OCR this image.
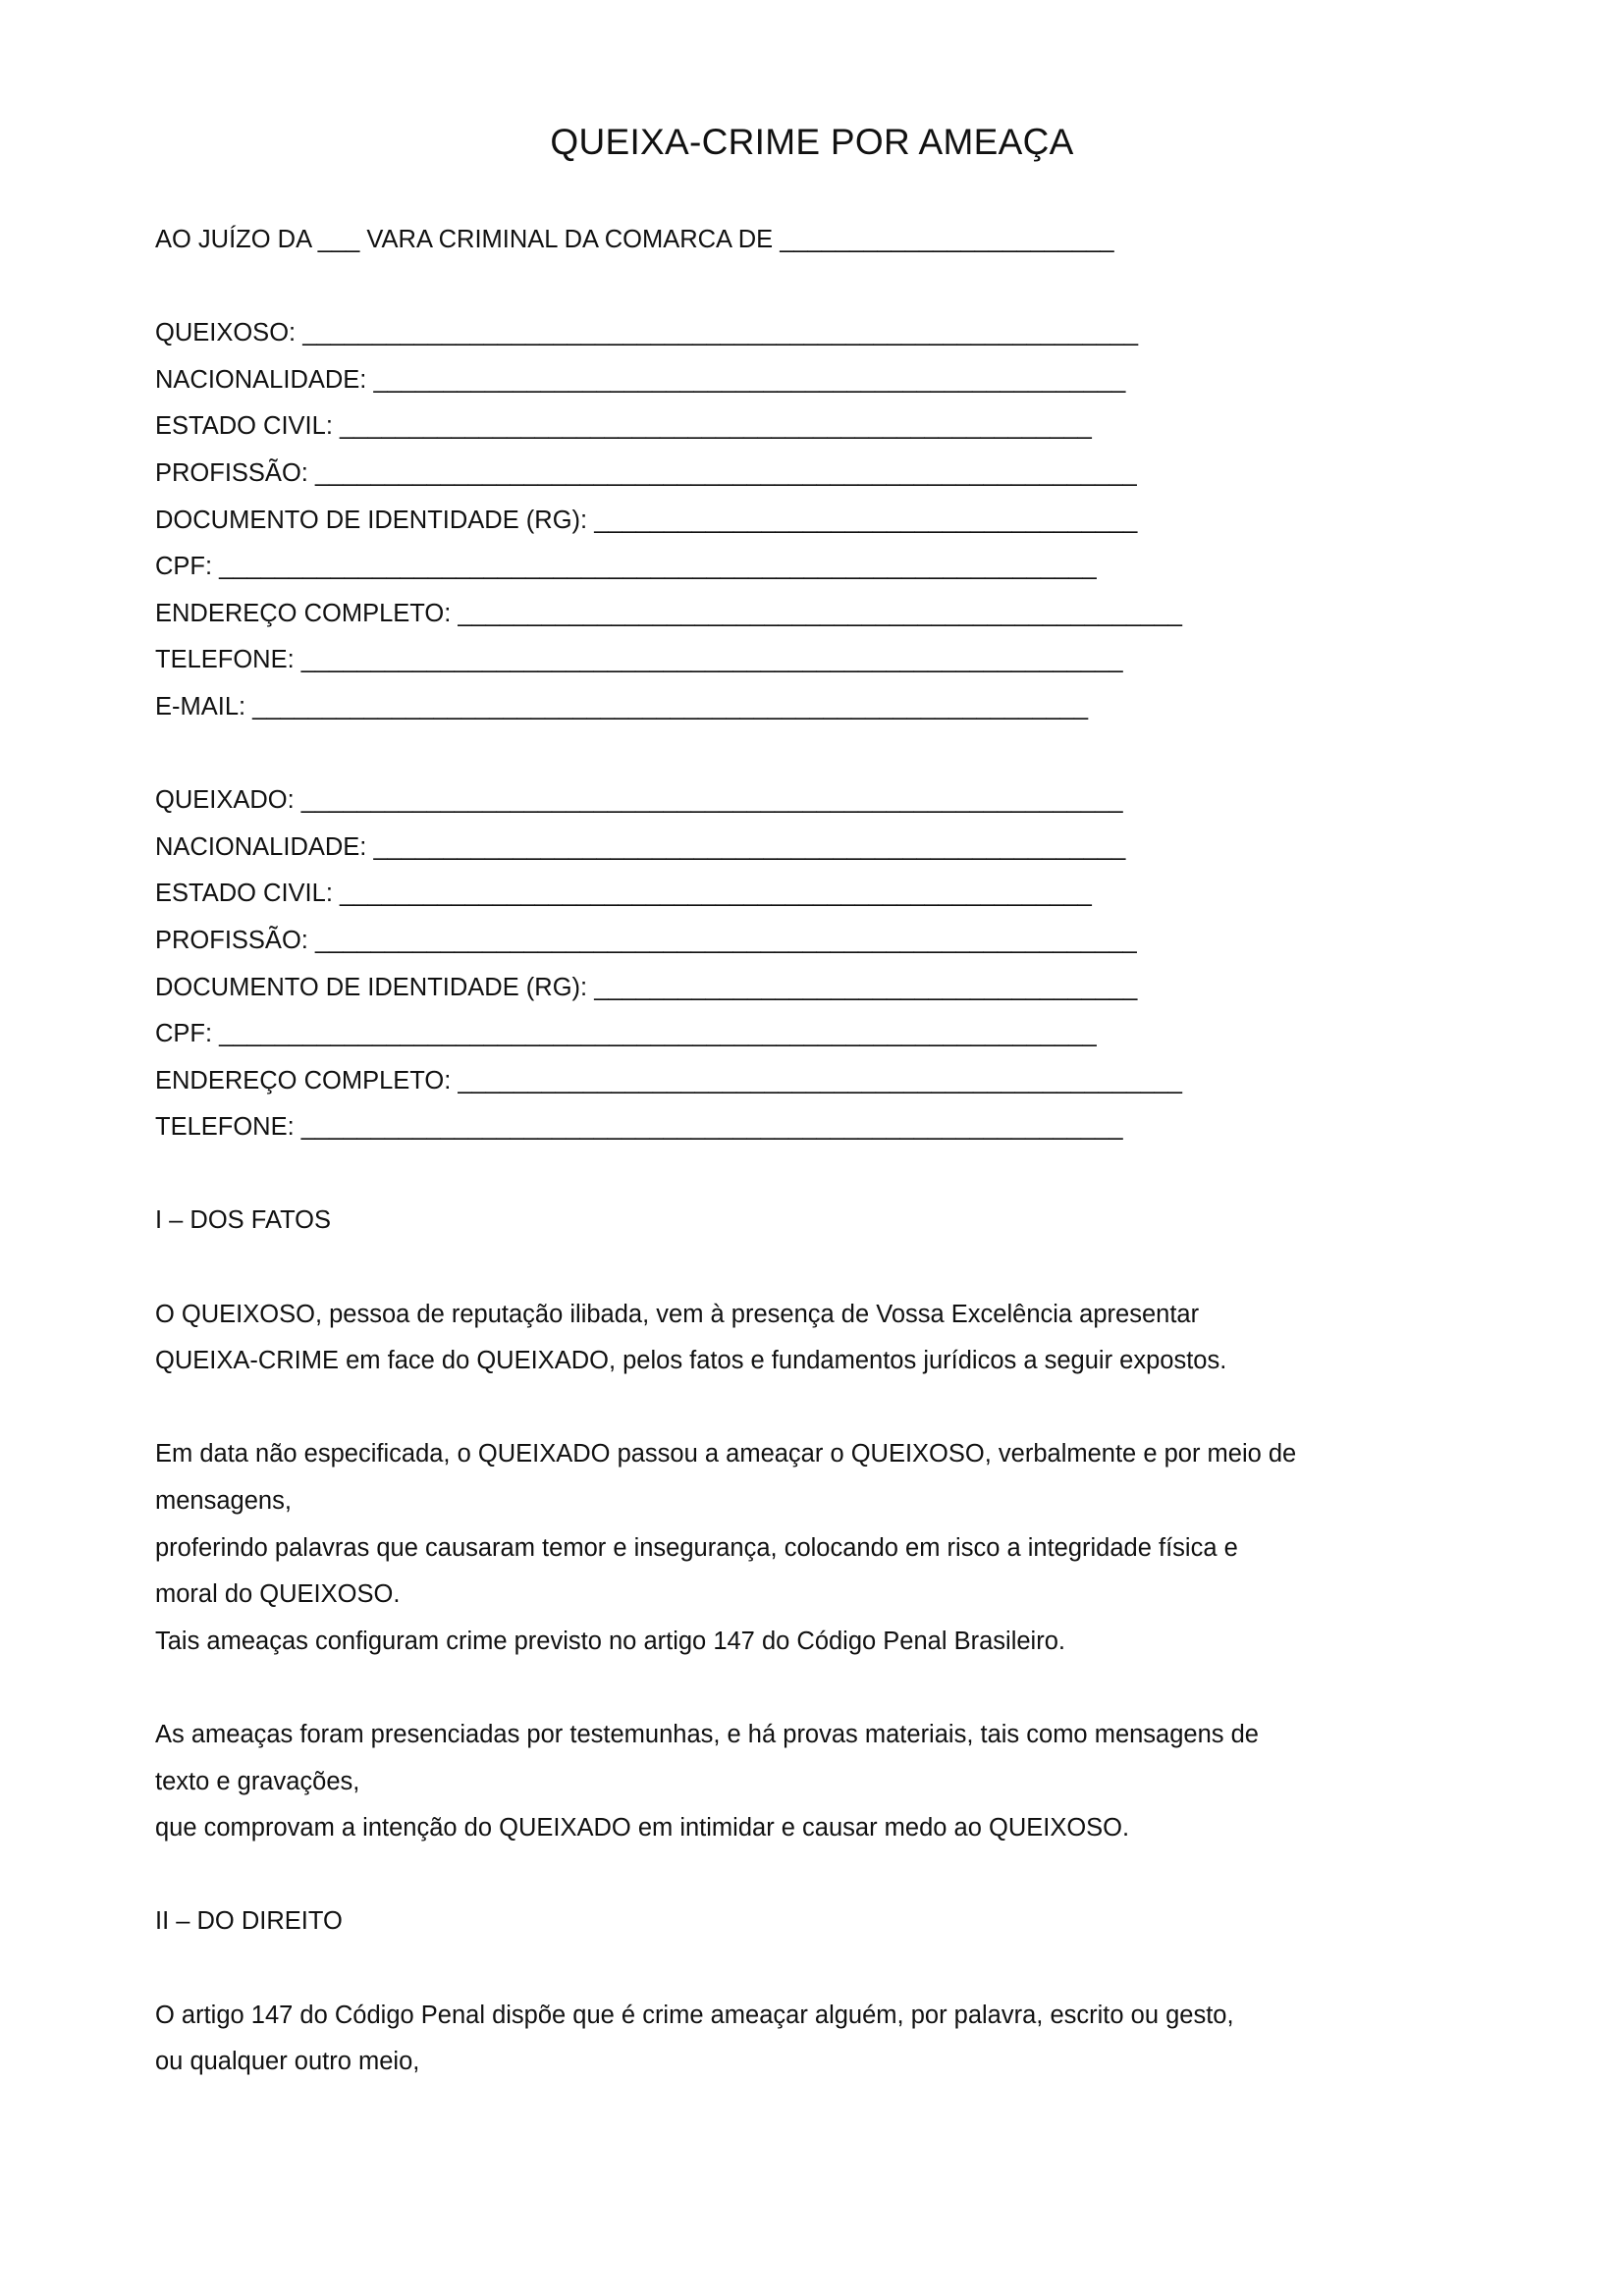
QUEIXA-CRIME POR AMEAÇA
AO JUÍZO DA ___ VARA CRIMINAL DA COMARCA DE ________________________
QUEIXOSO: ____________________________________________________________
NACIONALIDADE: ______________________________________________________
ESTADO CIVIL: ______________________________________________________
PROFISSÃO: ___________________________________________________________
DOCUMENTO DE IDENTIDADE (RG): _______________________________________
CPF: _______________________________________________________________
ENDEREÇO COMPLETO: ____________________________________________________
TELEFONE: ___________________________________________________________
E-MAIL: ____________________________________________________________
QUEIXADO: ___________________________________________________________
NACIONALIDADE: ______________________________________________________
ESTADO CIVIL: ______________________________________________________
PROFISSÃO: ___________________________________________________________
DOCUMENTO DE IDENTIDADE (RG): _______________________________________
CPF: _______________________________________________________________
ENDEREÇO COMPLETO: ____________________________________________________
TELEFONE: ___________________________________________________________
I – DOS FATOS
O QUEIXOSO, pessoa de reputação ilibada, vem à presença de Vossa Excelência apresentar
QUEIXA-CRIME em face do QUEIXADO, pelos fatos e fundamentos jurídicos a seguir expostos.
Em data não especificada, o QUEIXADO passou a ameaçar o QUEIXOSO, verbalmente e por meio de
mensagens,
proferindo palavras que causaram temor e insegurança, colocando em risco a integridade física e
moral do QUEIXOSO.
Tais ameaças configuram crime previsto no artigo 147 do Código Penal Brasileiro.
As ameaças foram presenciadas por testemunhas, e há provas materiais, tais como mensagens de
texto e gravações,
que comprovam a intenção do QUEIXADO em intimidar e causar medo ao QUEIXOSO.
II – DO DIREITO
O artigo 147 do Código Penal dispõe que é crime ameaçar alguém, por palavra, escrito ou gesto,
ou qualquer outro meio,
